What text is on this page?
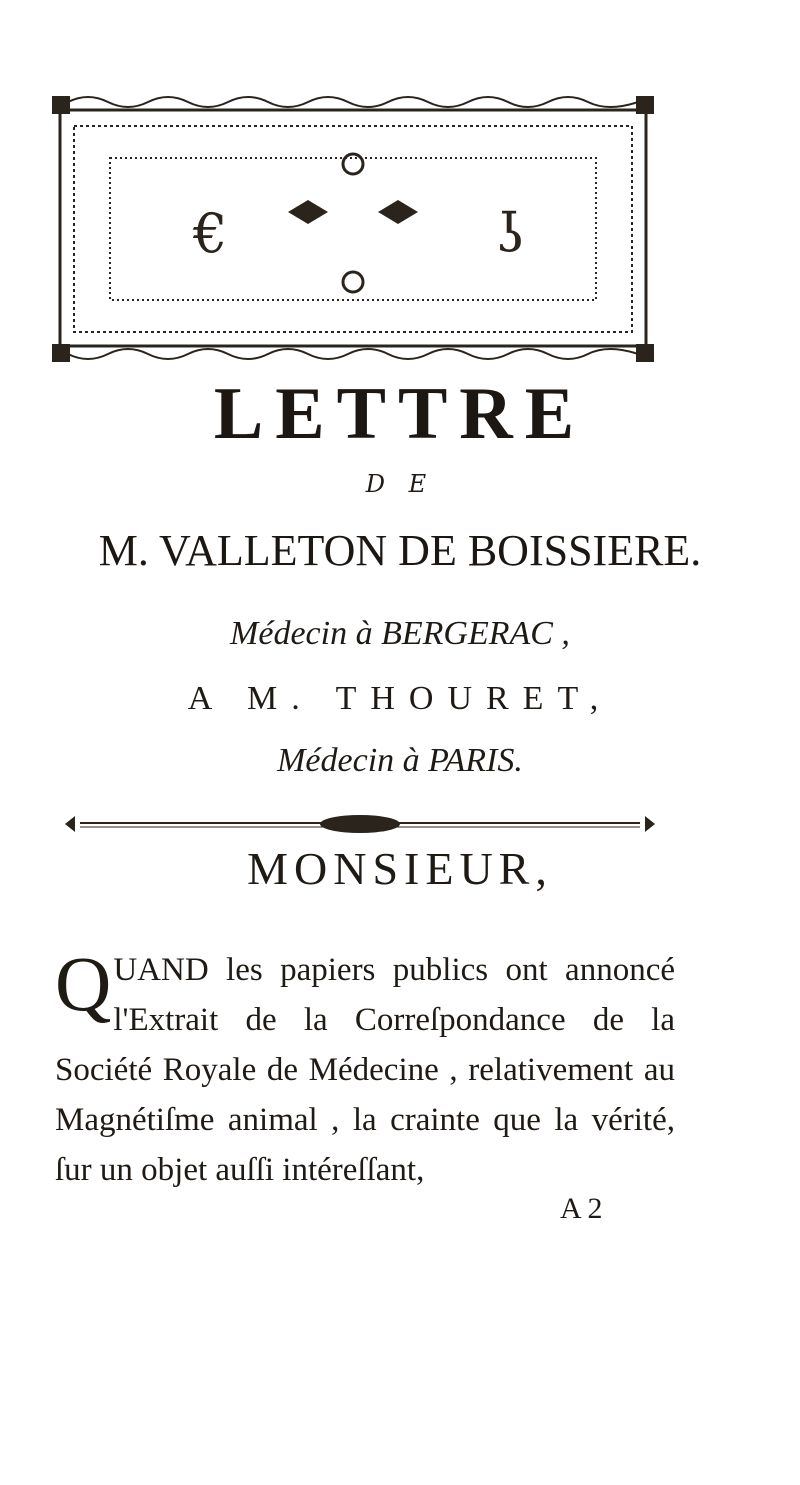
€	ʖ
LETTRE
D E
M. VALLETON DE BOISSIERE.
Médecin à BERGERAC ,
A M. THOURET,
Médecin à PARIS.
MONSIEUR,

QUAND les papiers publics ont annoncé l'Extrait de la Correſpondance de la Société Royale de Médecine , relativement au Magnétiſme animal , la crainte que la vérité, ſur un objet auſſi intéreſſant,

A 2
